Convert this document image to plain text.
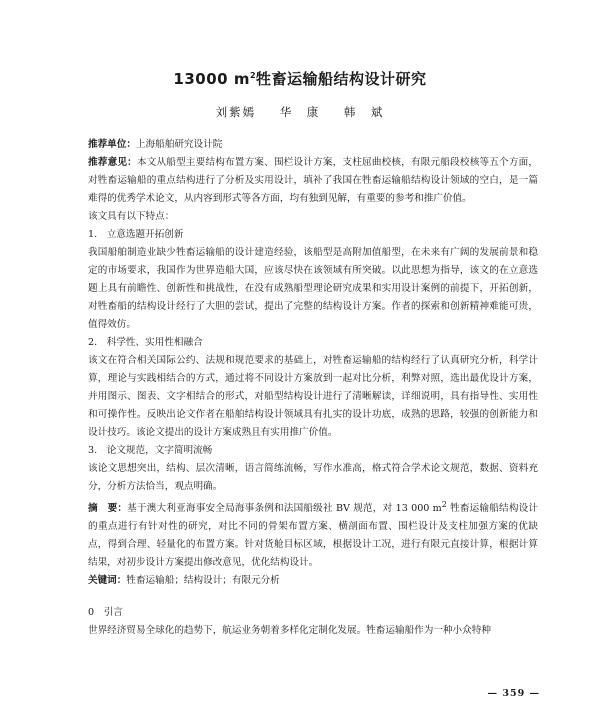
13000 $m^2$牲畜运输船结构设计研究
刘紫嫣 华　康 韩　斌

推荐单位：上海船舶研究设计院

推荐意见：本文从船型主要结构布置方案、围栏设计方案，支柱屈曲校核，有限元船段校核等五个方面，对牲畜运输船的重点结构进行了分析及实用设计，填补了我国在牲畜运输船结构设计领域的空白，是一篇难得的优秀学术论文，从内容到形式等各方面，均有独到见解，有重要的参考和推广价值。

该文具有以下特点：

1.　立意选题开拓创新

我国船舶制造业缺少牲畜运输船的设计建造经验，该船型是高附加值船型，在未来有广阔的发展前景和稳定的市场要求，我国作为世界造船大国，应该尽快在该领域有所突破。以此思想为指导，该文的在立意选题上具有前瞻性、创新性和挑战性，在没有成熟船型理论研究成果和实用设计案例的前提下，开拓创新，对牲畜船的结构设计经行了大胆的尝试，提出了完整的结构设计方案。作者的探索和创新精神难能可贵，值得效仿。

2.　科学性、实用性相融合

该文在符合相关国际公约、法规和规范要求的基础上，对牲畜运输船的结构经行了认真研究分析，科学计算，理论与实践相结合的方式，通过将不同设计方案放到一起对比分析，利弊对照，选出最优设计方案，并用图示、图表、文字相结合的形式，对船型结构设计进行了清晰解读，详细说明，具有指导性、实用性和可操作性。反映出论文作者在船舶结构设计领域具有扎实的设计功底，成熟的思路，较强的创新能力和设计技巧。该论文提出的设计方案成熟且有实用推广价值。

3.　论文规范，文字简明流畅

该论文思想突出，结构、层次清晰，语言简练流畅，写作水准高，格式符合学术论文规范，数据、资料充分，分析方法恰当，观点明确。

摘　要：基于澳大利亚海事安全局海事条例和法国船级社 BV 规范，对 13 000 $m^2$ 牲畜运输船结构设计的重点进行有针对性的研究，对比不同的骨架布置方案、横剖面布置、围栏设计及支柱加强方案的优缺点，得到合理、轻量化的布置方案。针对货舱目标区域，根据设计工况，进行有限元直接计算，根据计算结果，对初步设计方案提出修改意见，优化结构设计。

关键词：牲畜运输船；结构设计；有限元分析

0　引言

世界经济贸易全球化的趋势下，航运业务朝着多样化定制化发展。牲畜运输船作为一种小众特种

— 359 —
